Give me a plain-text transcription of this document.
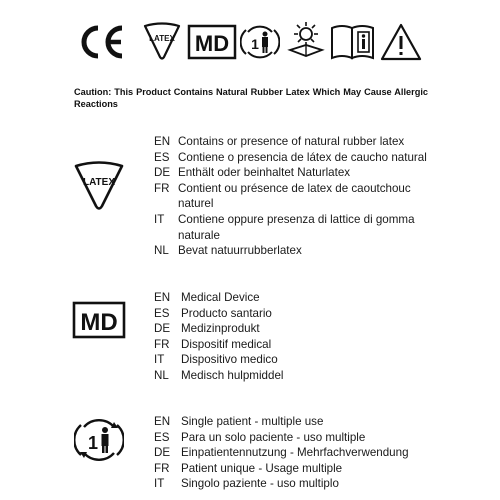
LATEX MD 1
Caution: This Product Contains Natural Rubber Latex Which May Cause Allergic Reactions
LATEX
EN Contains or presence of natural rubber latex
ES Contiene o presencia de látex de caucho natural
DE Enthält oder beinhaltet Naturlatex
FR Contient ou présence de latex de caoutchouc
naturel
IT Contiene oppure presenza di lattice di gomma
naturale
NL Bevat natuurrubberlatex
MD
EN Medical Device
ES Producto santario
DE Medizinprodukt
FR Dispositif medical
IT Dispositivo medico
NL Medisch hulpmiddel
1
EN Single patient - multiple use
ES Para un solo paciente - uso multiple
DE Einpatientennutzung - Mehrfachverwendung
FR Patient unique - Usage multiple
IT Singolo paziente - uso multiplo
